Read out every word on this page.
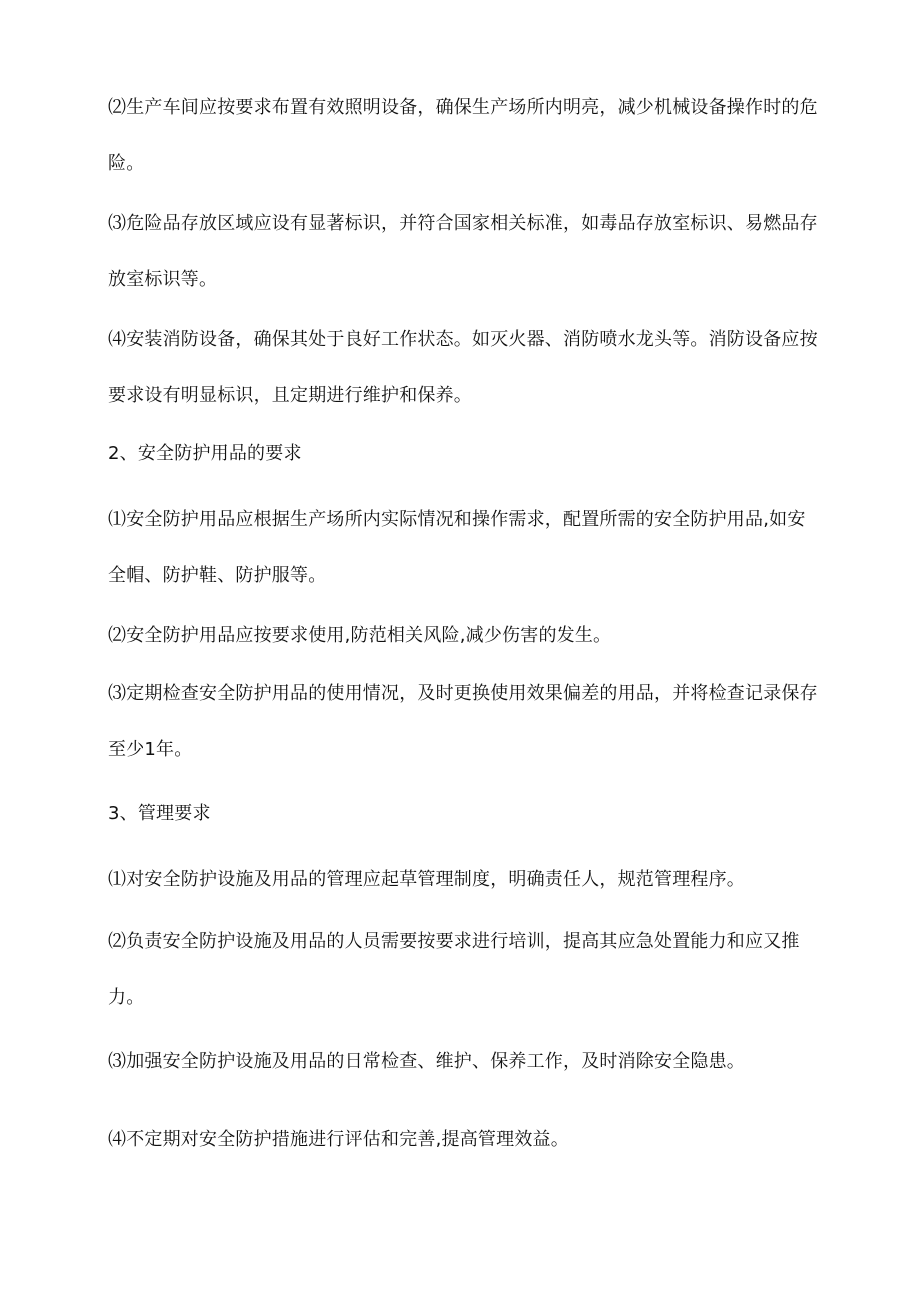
⑵生产车间应按要求布置有效照明设备，确保生产场所内明亮，减少机械设备操作时的危险。

⑶危险品存放区域应设有显著标识，并符合国家相关标准，如毒品存放室标识、易燃品存放室标识等。

⑷安装消防设备，确保其处于良好工作状态。如灭火器、消防喷水龙头等。消防设备应按要求设有明显标识，且定期进行维护和保养。

2、安全防护用品的要求

⑴安全防护用品应根据生产场所内实际情况和操作需求，配置所需的安全防护用品,如安全帽、防护鞋、防护服等。

⑵安全防护用品应按要求使用,防范相关风险,减少伤害的发生。

⑶定期检查安全防护用品的使用情况，及时更换使用效果偏差的用品，并将检查记录保存至少1年。

3、管理要求

⑴对安全防护设施及用品的管理应起草管理制度，明确责任人，规范管理程序。

⑵负责安全防护设施及用品的人员需要按要求进行培训，提高其应急处置能力和应又推力。

⑶加强安全防护设施及用品的日常检查、维护、保养工作，及时消除安全隐患。

⑷不定期对安全防护措施进行评估和完善,提高管理效益。
